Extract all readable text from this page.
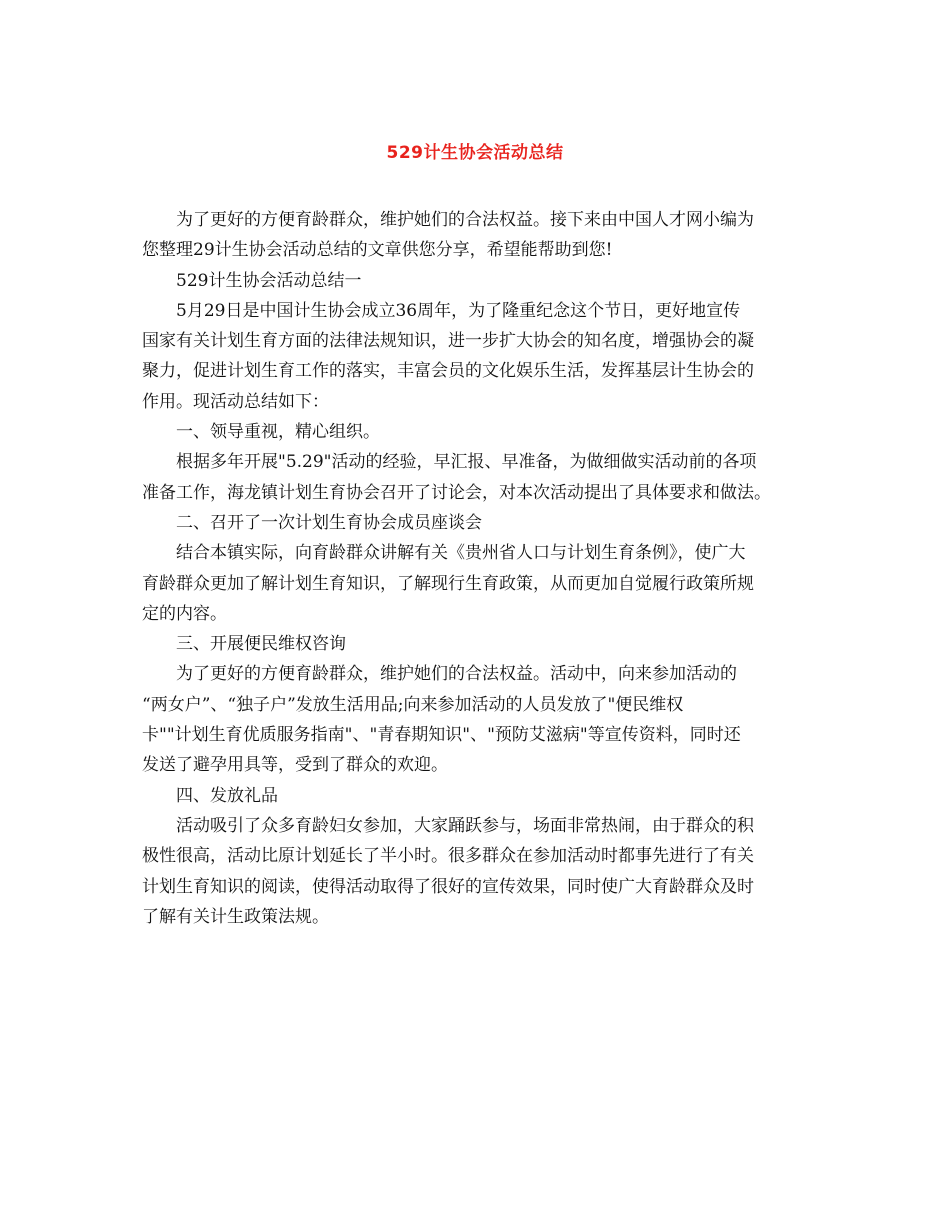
529计生协会活动总结
为了更好的方便育龄群众，维护她们的合法权益。接下来由中国人才网小编为
您整理29计生协会活动总结的文章供您分享，希望能帮助到您!
529计生协会活动总结一
5月29日是中国计生协会成立36周年，为了隆重纪念这个节日，更好地宣传
国家有关计划生育方面的法律法规知识，进一步扩大协会的知名度，增强协会的凝
聚力，促进计划生育工作的落实，丰富会员的文化娱乐生活，发挥基层计生协会的
作用。现活动总结如下：
一、领导重视，精心组织。
根据多年开展"5.29"活动的经验，早汇报、早准备，为做细做实活动前的各项
准备工作，海龙镇计划生育协会召开了讨论会，对本次活动提出了具体要求和做法。
二、召开了一次计划生育协会成员座谈会
结合本镇实际，向育龄群众讲解有关《贵州省人口与计划生育条例》，使广大
育龄群众更加了解计划生育知识，了解现行生育政策，从而更加自觉履行政策所规
定的内容。
三、开展便民维权咨询
为了更好的方便育龄群众，维护她们的合法权益。活动中，向来参加活动的
“两女户”、“独子户”发放生活用品;向来参加活动的人员发放了"便民维权
卡""计划生育优质服务指南"、"青春期知识"、"预防艾滋病"等宣传资料，同时还
发送了避孕用具等，受到了群众的欢迎。
四、发放礼品
活动吸引了众多育龄妇女参加，大家踊跃参与，场面非常热闹，由于群众的积
极性很高，活动比原计划延长了半小时。很多群众在参加活动时都事先进行了有关
计划生育知识的阅读，使得活动取得了很好的宣传效果，同时使广大育龄群众及时
了解有关计生政策法规。
